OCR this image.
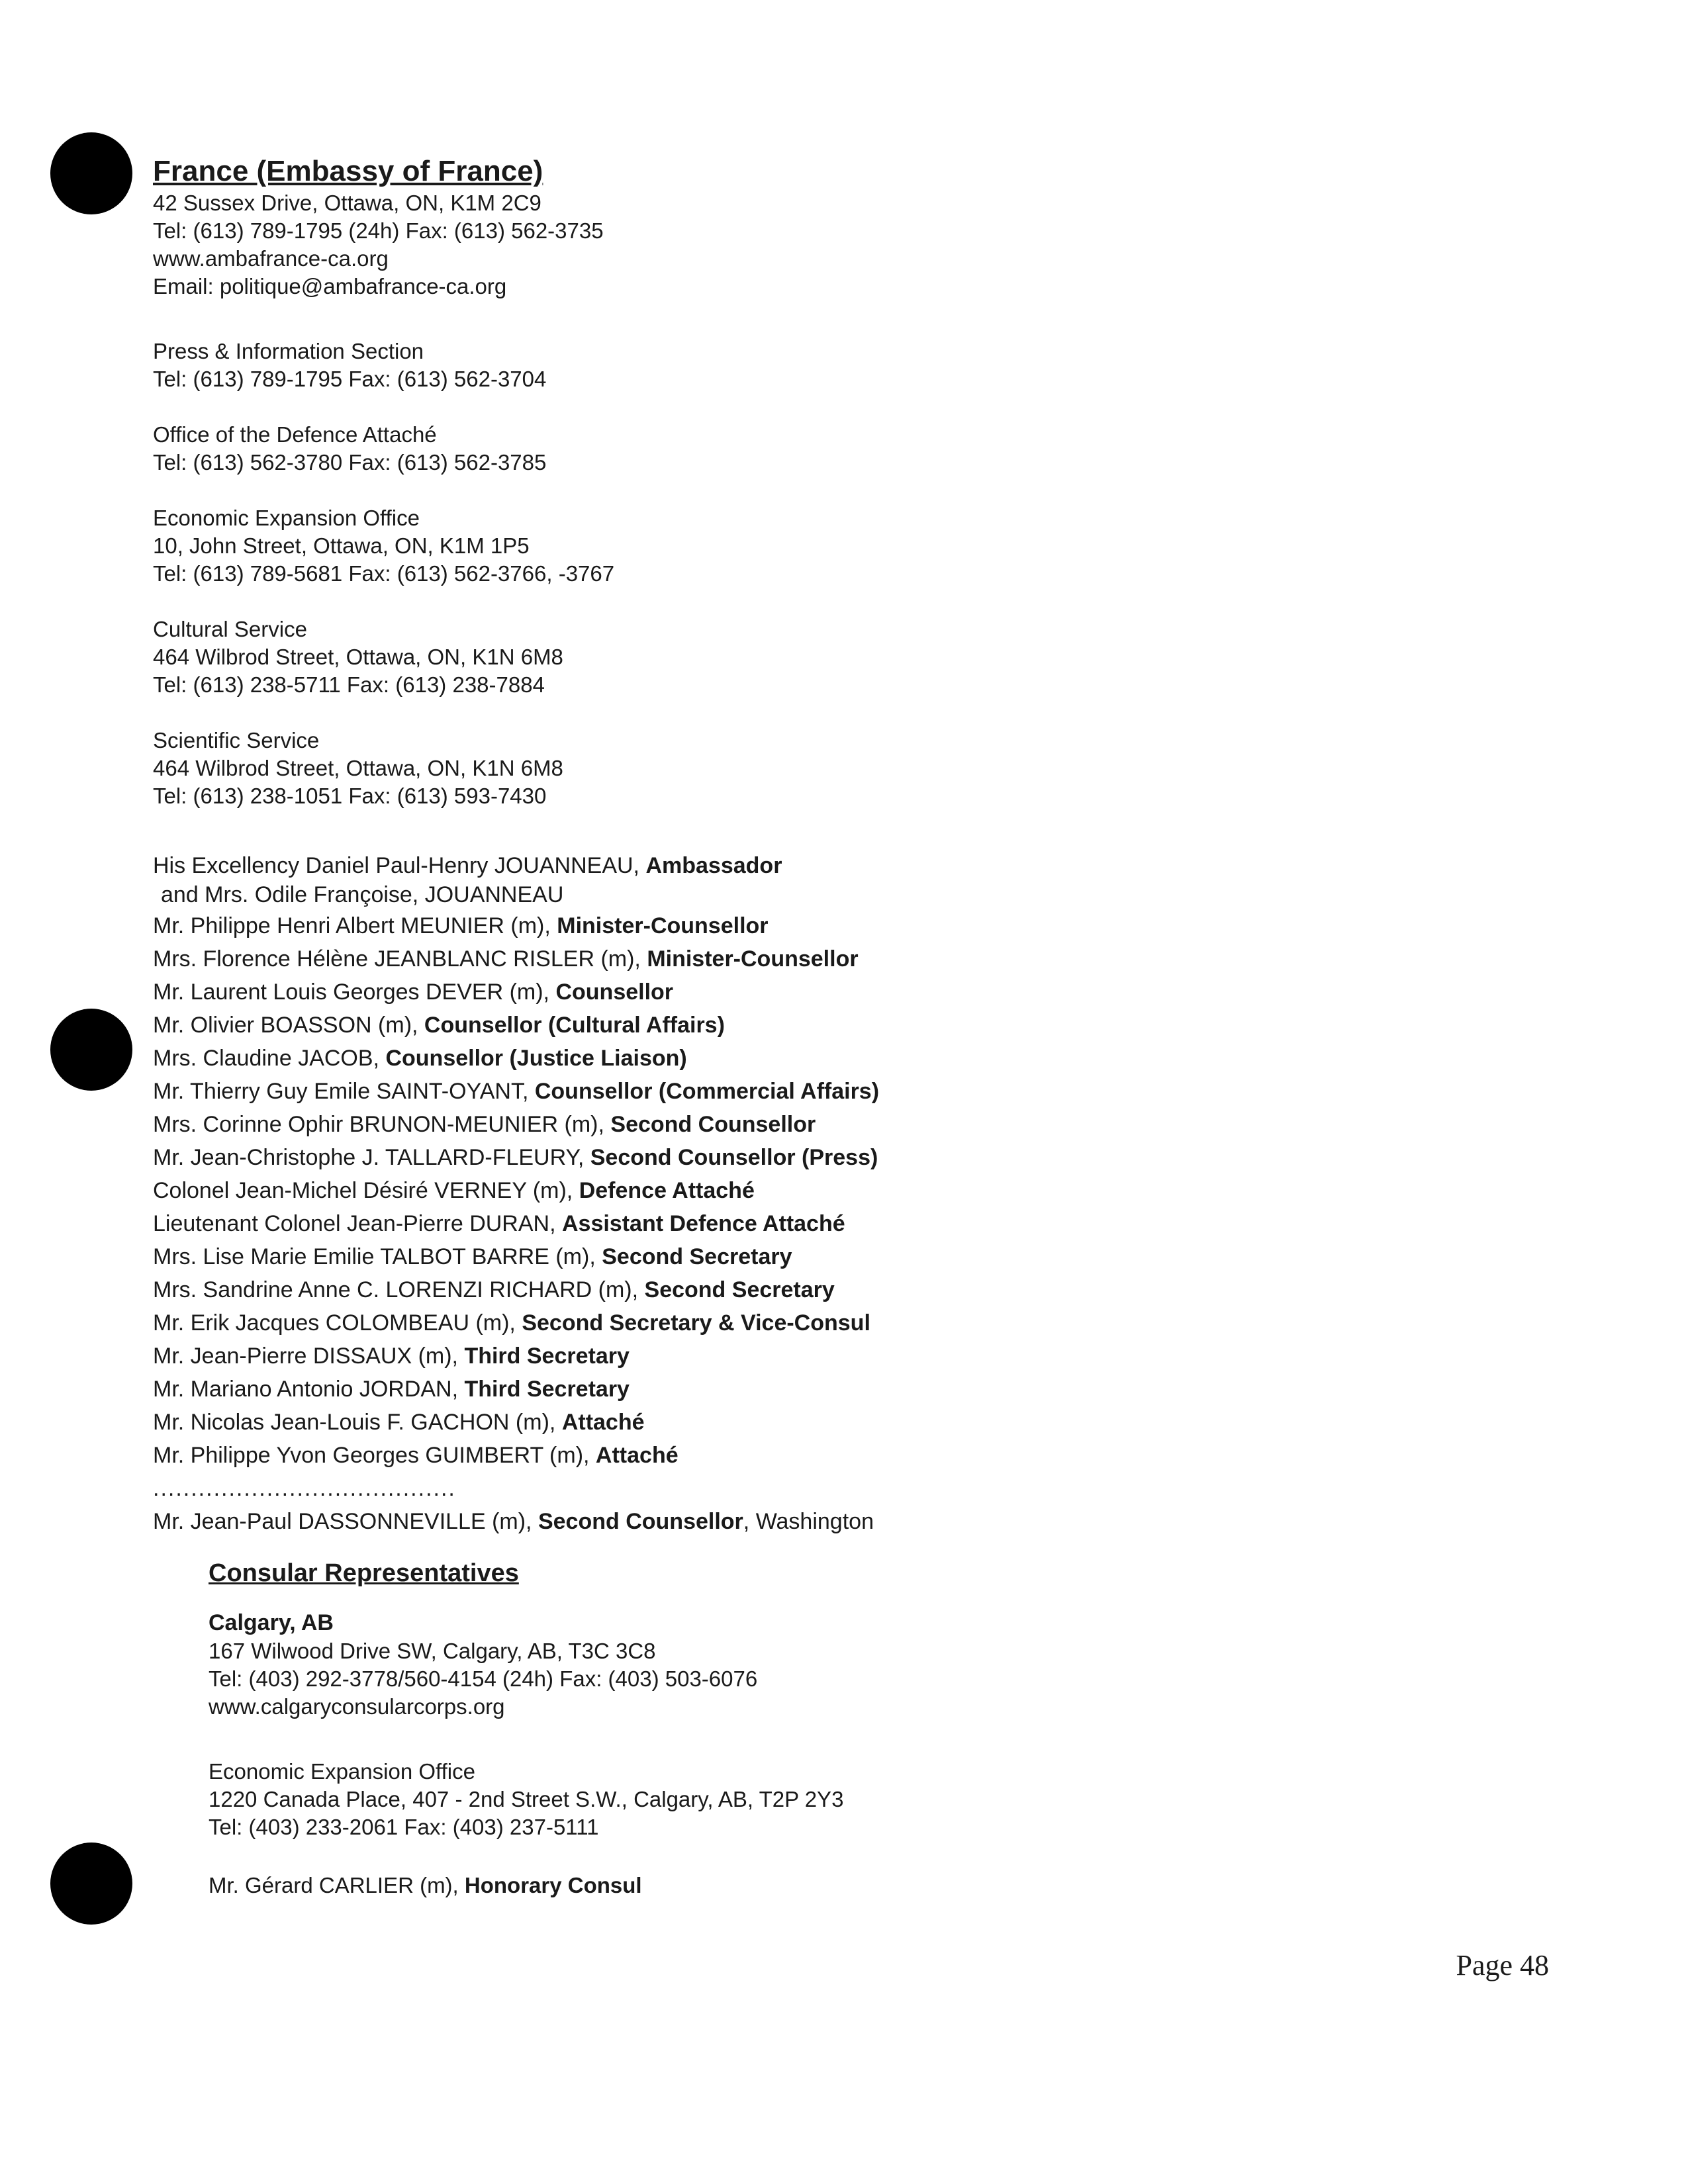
France (Embassy of France)
42 Sussex Drive, Ottawa, ON, K1M 2C9
Tel: (613) 789-1795 (24h) Fax: (613) 562-3735
www.ambafrance-ca.org
Email: politique@ambafrance-ca.org
Press & Information Section
Tel: (613) 789-1795 Fax: (613) 562-3704
Office of the Defence Attaché
Tel: (613) 562-3780 Fax: (613) 562-3785
Economic Expansion Office
10, John Street, Ottawa, ON, K1M 1P5
Tel: (613) 789-5681 Fax: (613) 562-3766, -3767
Cultural Service
464 Wilbrod Street, Ottawa, ON, K1N 6M8
Tel: (613) 238-5711 Fax: (613) 238-7884
Scientific Service
464 Wilbrod Street, Ottawa, ON, K1N 6M8
Tel: (613) 238-1051 Fax: (613) 593-7430
His Excellency Daniel Paul-Henry JOUANNEAU, Ambassador
and Mrs. Odile Françoise, JOUANNEAU
Mr. Philippe Henri Albert MEUNIER (m), Minister-Counsellor
Mrs. Florence Hélène JEANBLANC RISLER (m), Minister-Counsellor
Mr. Laurent Louis Georges DEVER (m), Counsellor
Mr. Olivier BOASSON (m), Counsellor (Cultural Affairs)
Mrs. Claudine JACOB, Counsellor (Justice Liaison)
Mr. Thierry Guy Emile SAINT-OYANT, Counsellor (Commercial Affairs)
Mrs. Corinne Ophir BRUNON-MEUNIER (m), Second Counsellor
Mr. Jean-Christophe J. TALLARD-FLEURY, Second Counsellor (Press)
Colonel Jean-Michel Désiré VERNEY (m), Defence Attaché
Lieutenant Colonel Jean-Pierre DURAN, Assistant Defence Attaché
Mrs. Lise Marie Emilie TALBOT BARRE (m), Second Secretary
Mrs. Sandrine Anne C. LORENZI RICHARD (m), Second Secretary
Mr. Erik Jacques COLOMBEAU (m), Second Secretary & Vice-Consul
Mr. Jean-Pierre DISSAUX (m), Third Secretary
Mr. Mariano Antonio JORDAN, Third Secretary
Mr. Nicolas Jean-Louis F. GACHON (m), Attaché
Mr. Philippe Yvon Georges GUIMBERT (m), Attaché
........................................
Mr. Jean-Paul DASSONNEVILLE (m), Second Counsellor, Washington
Consular Representatives
Calgary, AB
167 Wilwood Drive SW, Calgary, AB, T3C 3C8
Tel: (403) 292-3778/560-4154 (24h) Fax: (403) 503-6076
www.calgaryconsularcorps.org
Economic Expansion Office
1220 Canada Place, 407 - 2nd Street S.W., Calgary, AB, T2P 2Y3
Tel: (403) 233-2061 Fax: (403) 237-5111
Mr. Gérard CARLIER (m), Honorary Consul
Page 48
